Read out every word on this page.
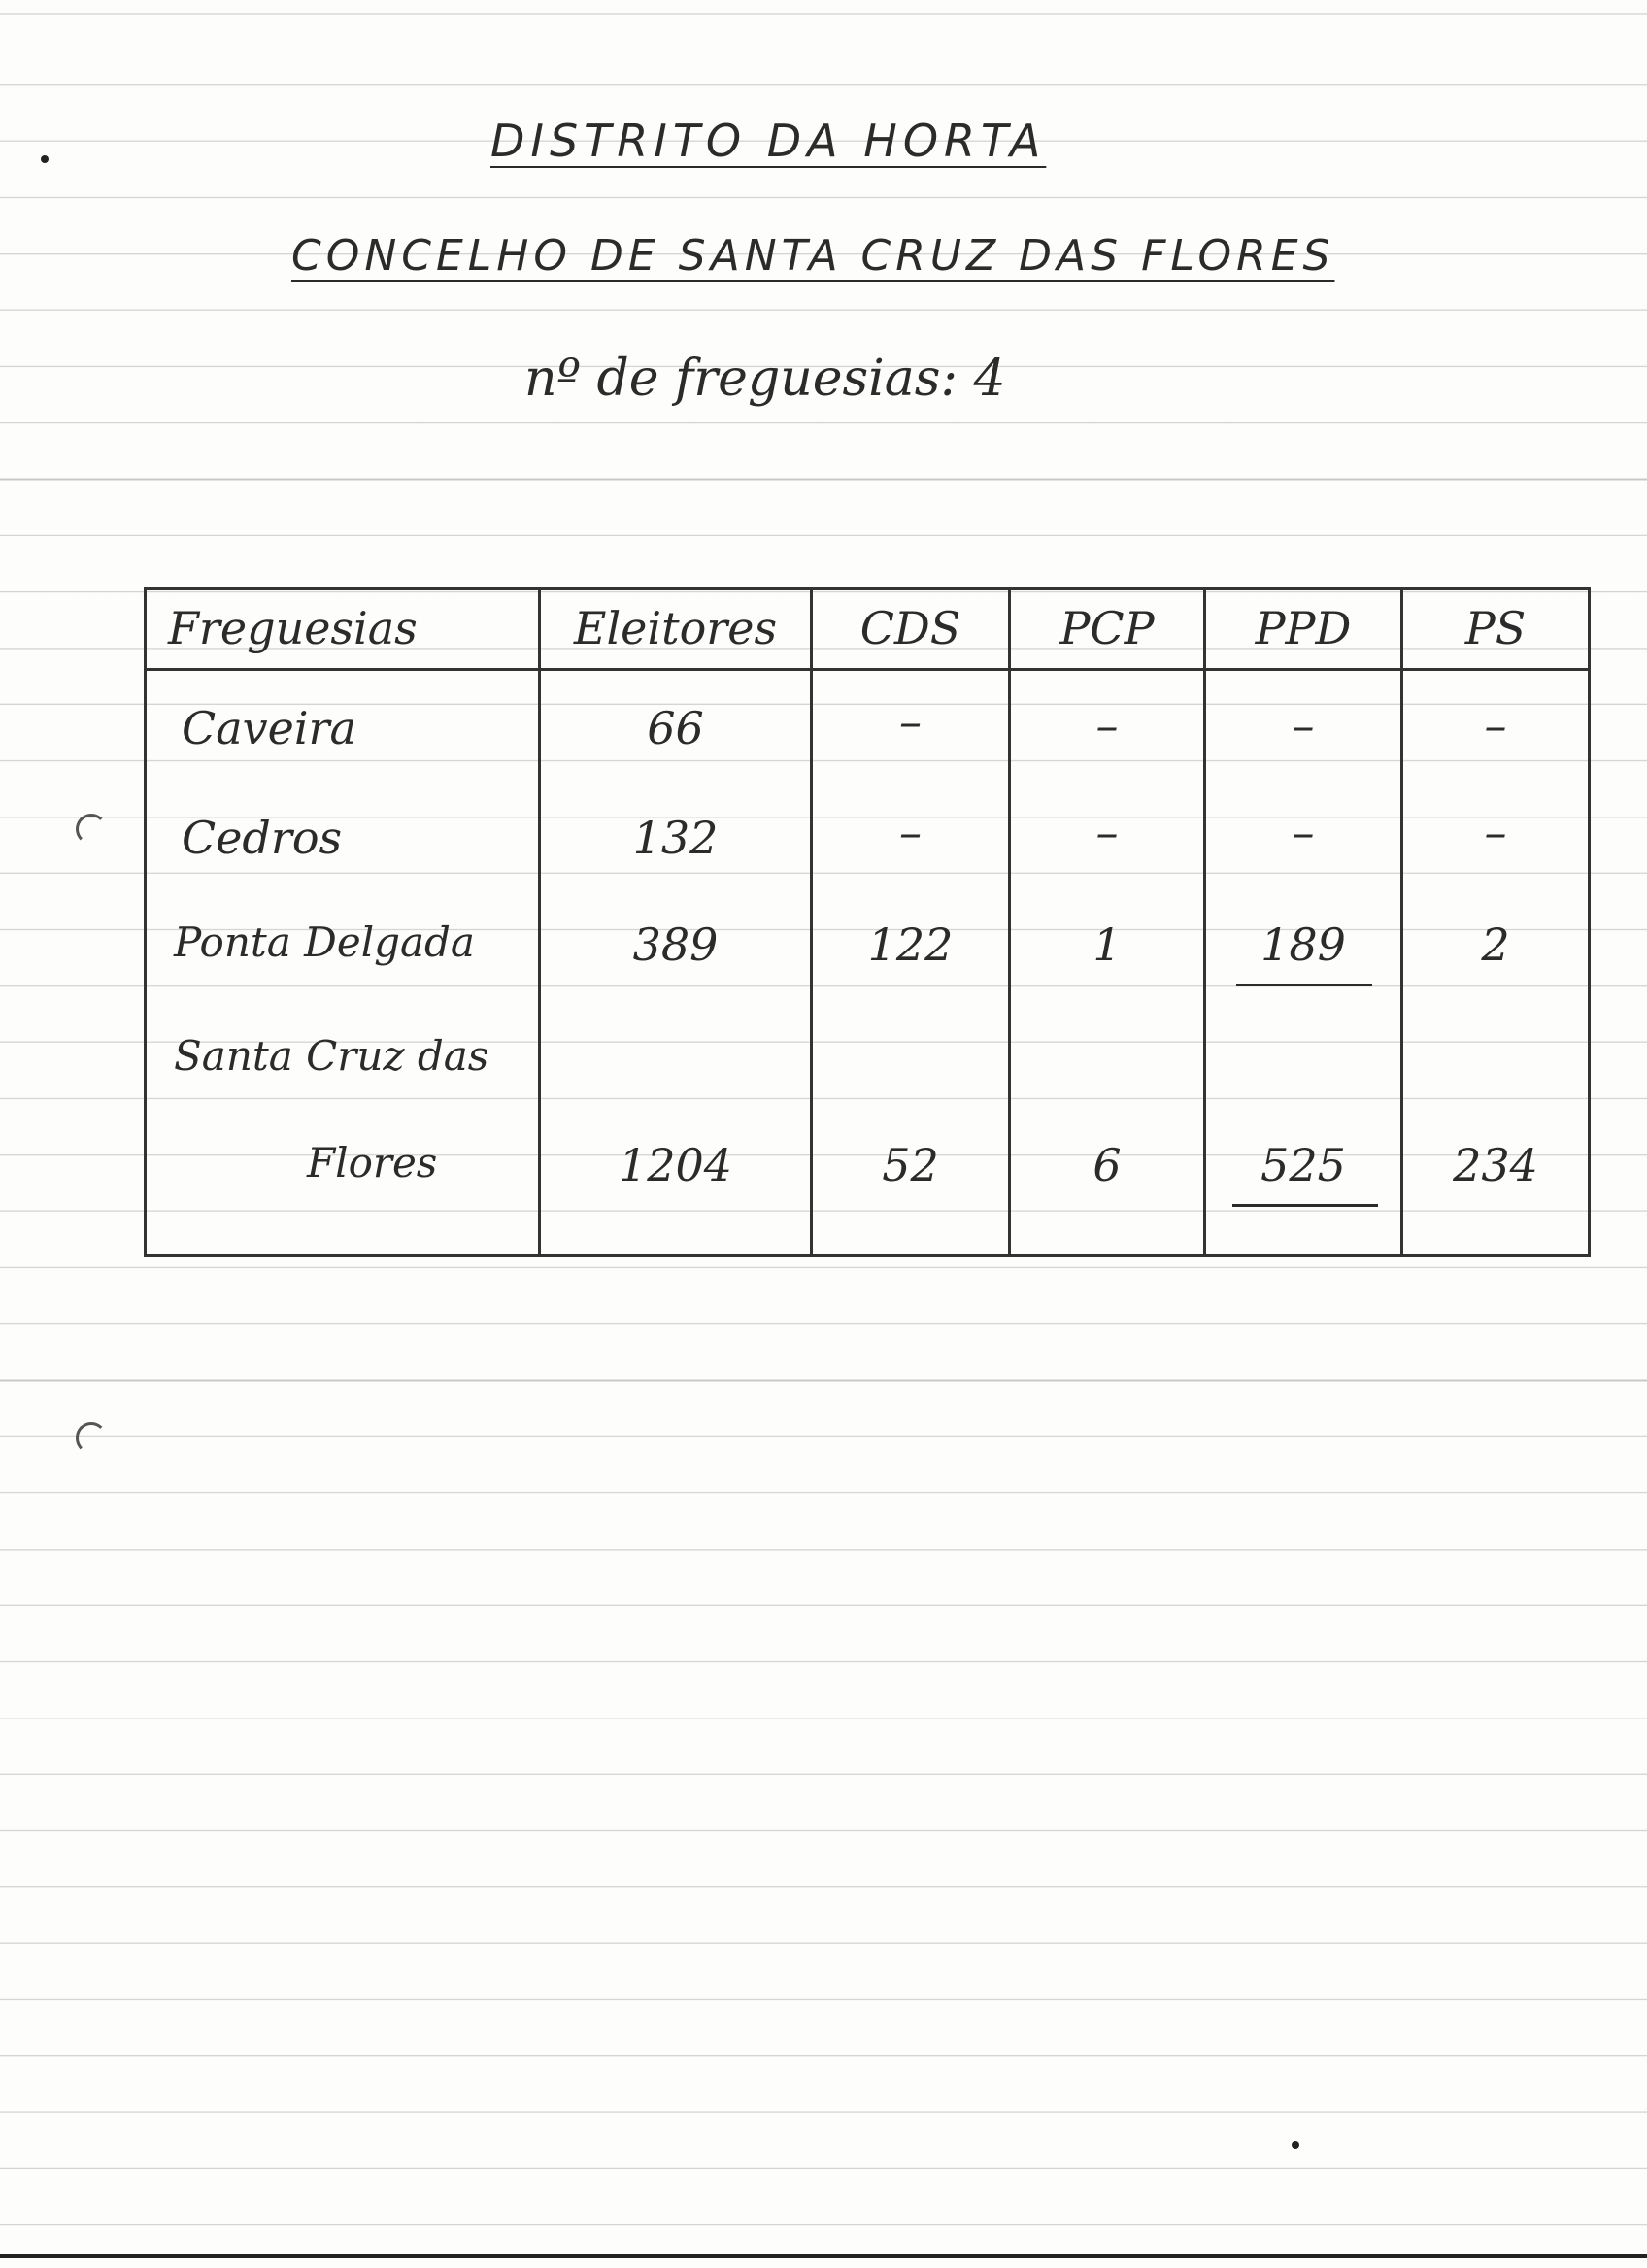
DISTRITO DA HORTA
CONCELHO DE SANTA CRUZ DAS FLORES
nº de freguesias: 4
Freguesias	Eleitores	CDS	PCP	PPD	PS
Caveira	66	–	–	–	–
Cedros	132	–	–	–	–
Ponta Delgada	389	122	1	189	2
Santa Cruz das
Flores	1204	52	6	525	234
